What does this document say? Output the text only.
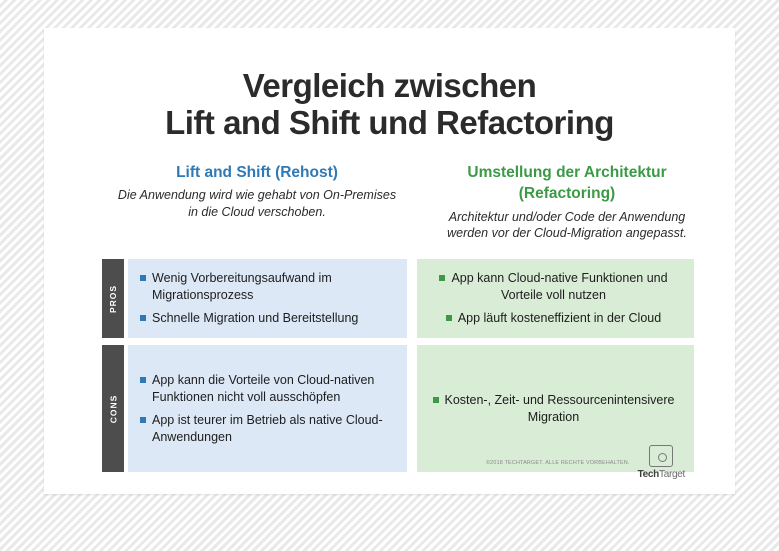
Vergleich zwischen
Lift and Shift und Refactoring
Lift and Shift (Rehost)
Die Anwendung wird wie gehabt von On-Premises in die Cloud verschoben.
Umstellung der Architektur
(Refactoring)
Architektur und/oder Code der Anwendung werden vor der Cloud-Migration angepasst.
PROS
Wenig Vorbereitungsaufwand im Migrationsprozess
Schnelle Migration und Bereitstellung
App kann Cloud-native Funktionen und Vorteile voll nutzen
App läuft kosteneffizient in der Cloud
CONS
App kann die Vorteile von Cloud-nativen Funktionen nicht voll ausschöpfen
App ist teurer im Betrieb als native Cloud-Anwendungen
Kosten-, Zeit- und Ressourcenintensivere Migration
©2018 TECHTARGET. ALLE RECHTE VORBEHALTEN.
TechTarget
